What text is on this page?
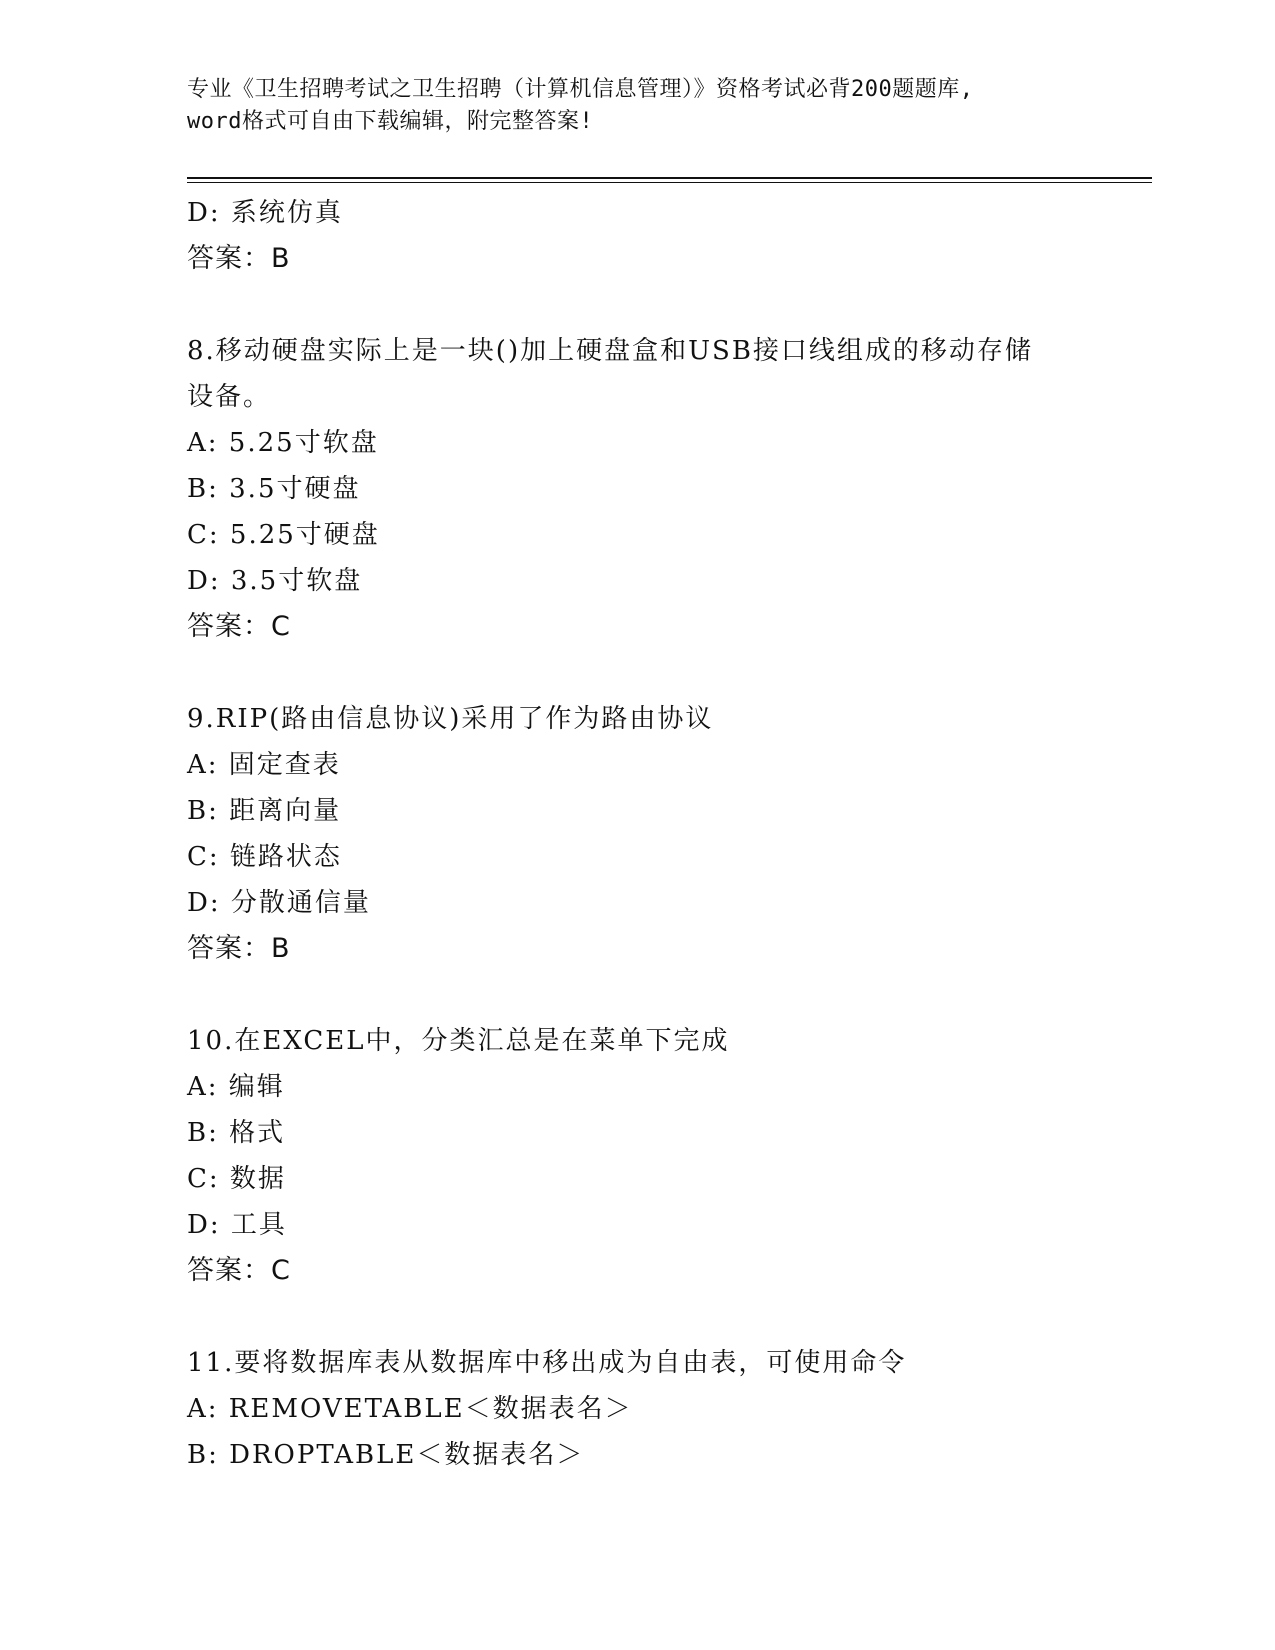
专业《卫生招聘考试之卫生招聘（计算机信息管理）》资格考试必背200题题库,
word格式可自由下载编辑，附完整答案!
D: 系统仿真
答案：B
8.移动硬盘实际上是一块()加上硬盘盒和USB接口线组成的移动存储
设备。
A: 5.25寸软盘
B: 3.5寸硬盘
C: 5.25寸硬盘
D: 3.5寸软盘
答案：C
9.RIP(路由信息协议)采用了作为路由协议
A: 固定查表
B: 距离向量
C: 链路状态
D: 分散通信量
答案：B
10.在EXCEL中，分类汇总是在菜单下完成
A: 编辑
B: 格式
C: 数据
D: 工具
答案：C
11.要将数据库表从数据库中移出成为自由表，可使用命令
A: REMOVETABLE＜数据表名＞
B: DROPTABLE＜数据表名＞
